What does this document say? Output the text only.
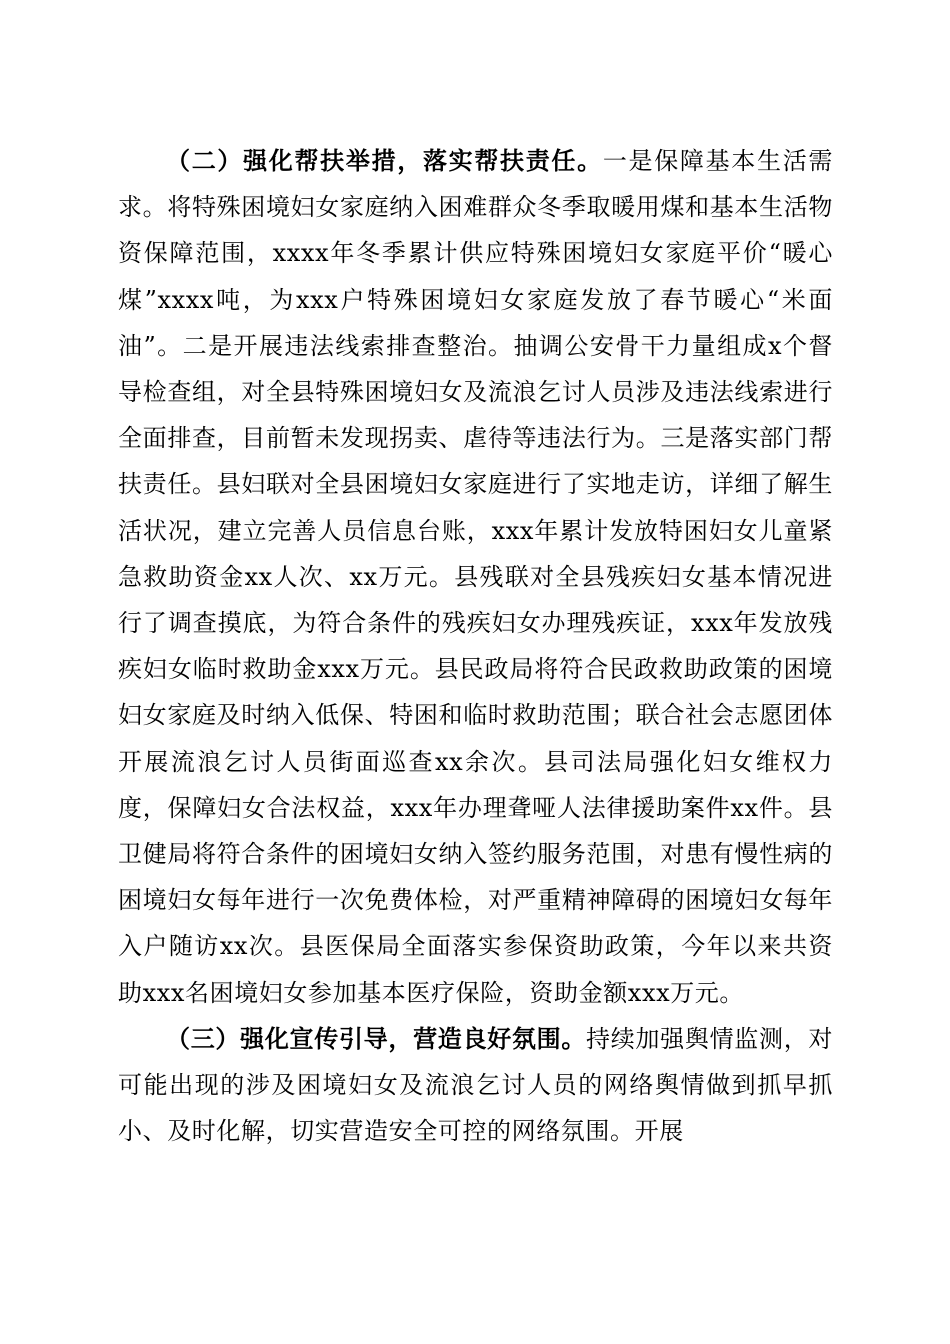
（二）强化帮扶举措，落实帮扶责任。一是保障基本生活需求。将特殊困境妇女家庭纳入困难群众冬季取暖用煤和基本生活物资保障范围，xxxx年冬季累计供应特殊困境妇女家庭平价“暖心煤”xxxx吨，为xxx户特殊困境妇女家庭发放了春节暖心“米面油”。二是开展违法线索排查整治。抽调公安骨干力量组成x个督导检查组，对全县特殊困境妇女及流浪乞讨人员涉及违法线索进行全面排查，目前暂未发现拐卖、虐待等违法行为。三是落实部门帮扶责任。县妇联对全县困境妇女家庭进行了实地走访，详细了解生活状况，建立完善人员信息台账，xxx年累计发放特困妇女儿童紧急救助资金xx人次、xx万元。县残联对全县残疾妇女基本情况进行了调查摸底，为符合条件的残疾妇女办理残疾证，xxx年发放残疾妇女临时救助金xxx万元。县民政局将符合民政救助政策的困境妇女家庭及时纳入低保、特困和临时救助范围；联合社会志愿团体开展流浪乞讨人员街面巡查xx余次。县司法局强化妇女维权力度，保障妇女合法权益，xxx年办理聋哑人法律援助案件xx件。县卫健局将符合条件的困境妇女纳入签约服务范围，对患有慢性病的困境妇女每年进行一次免费体检，对严重精神障碍的困境妇女每年入户随访xx次。县医保局全面落实参保资助政策，今年以来共资助xxx名困境妇女参加基本医疗保险，资助金额xxx万元。

（三）强化宣传引导，营造良好氛围。持续加强舆情监测，对可能出现的涉及困境妇女及流浪乞讨人员的网络舆情做到抓早抓小、及时化解，切实营造安全可控的网络氛围。开展
